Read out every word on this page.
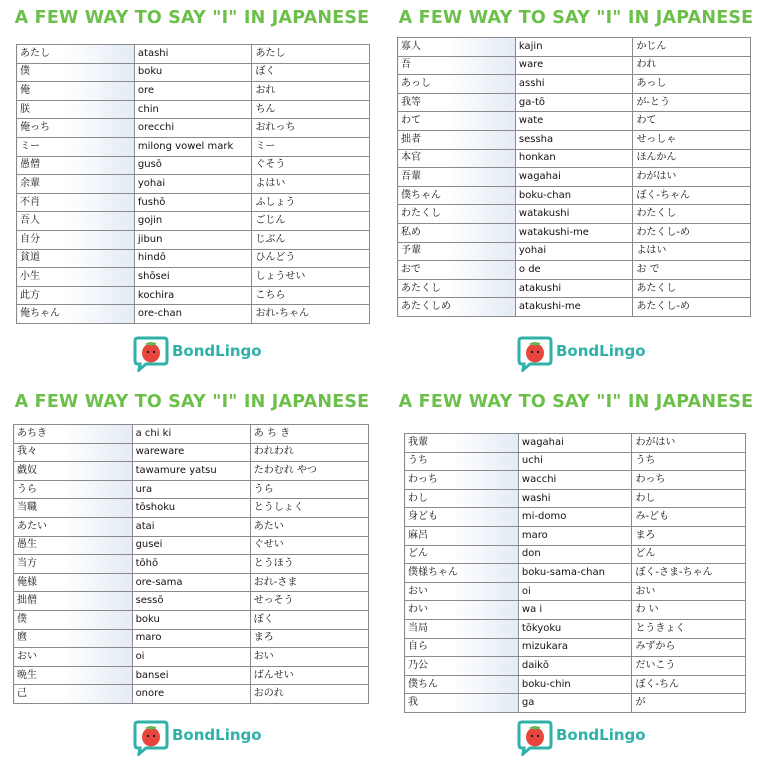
A FEW WAY TO SAY "I" IN JAPANESE
あたし	atashi	あたし
僕	boku	ぼく
俺	ore	おれ
朕	chin	ちん
俺っち	orecchi	おれっち
ミー	milong vowel mark	ミー
愚僧	gusō	ぐそう
余輩	yohai	よはい
不肖	fushō	ふしょう
吾人	gojin	ごじん
自分	jibun	じぶん
貧道	hindō	ひんどう
小生	shōsei	しょうせい
此方	kochira	こちら
俺ちゃん	ore-chan	おれ-ちゃん
BondLingo
A FEW WAY TO SAY "I" IN JAPANESE
寡人	kajin	かじん
吾	ware	われ
あっし	asshi	あっし
我等	ga-tō	が-とう
わて	wate	わて
拙者	sessha	せっしゃ
本官	honkan	ほんかん
吾輩	wagahai	わがはい
僕ちゃん	boku-chan	ぼく-ちゃん
わたくし	watakushi	わたくし
私め	watakushi-me	わたくし-め
予輩	yohai	よはい
おで	o de	お で
あたくし	atakushi	あたくし
あたくしめ	atakushi-me	あたくし-め
BondLingo
A FEW WAY TO SAY "I" IN JAPANESE
あちき	a chi ki	あ ち き
我々	wareware	われわれ
戯奴	tawamure yatsu	たわむれ やつ
うら	ura	うら
当職	tōshoku	とうしょく
あたい	atai	あたい
愚生	gusei	ぐせい
当方	tōhō	とうほう
俺様	ore-sama	おれ-さま
拙僧	sessō	せっそう
僕	boku	ぼく
麿	maro	まろ
おい	oi	おい
晩生	bansei	ばんせい
己	onore	おのれ
BondLingo
A FEW WAY TO SAY "I" IN JAPANESE
我輩	wagahai	わがはい
うち	uchi	うち
わっち	wacchi	わっち
わし	washi	わし
身ども	mi-domo	み-ども
麻呂	maro	まろ
どん	don	どん
僕様ちゃん	boku-sama-chan	ぼく-さま-ちゃん
おい	oi	おい
わい	wa i	わ い
当局	tōkyoku	とうきょく
自ら	mizukara	みずから
乃公	daikō	だいこう
僕ちん	boku-chin	ぼく-ちん
我	ga	が
BondLingo
